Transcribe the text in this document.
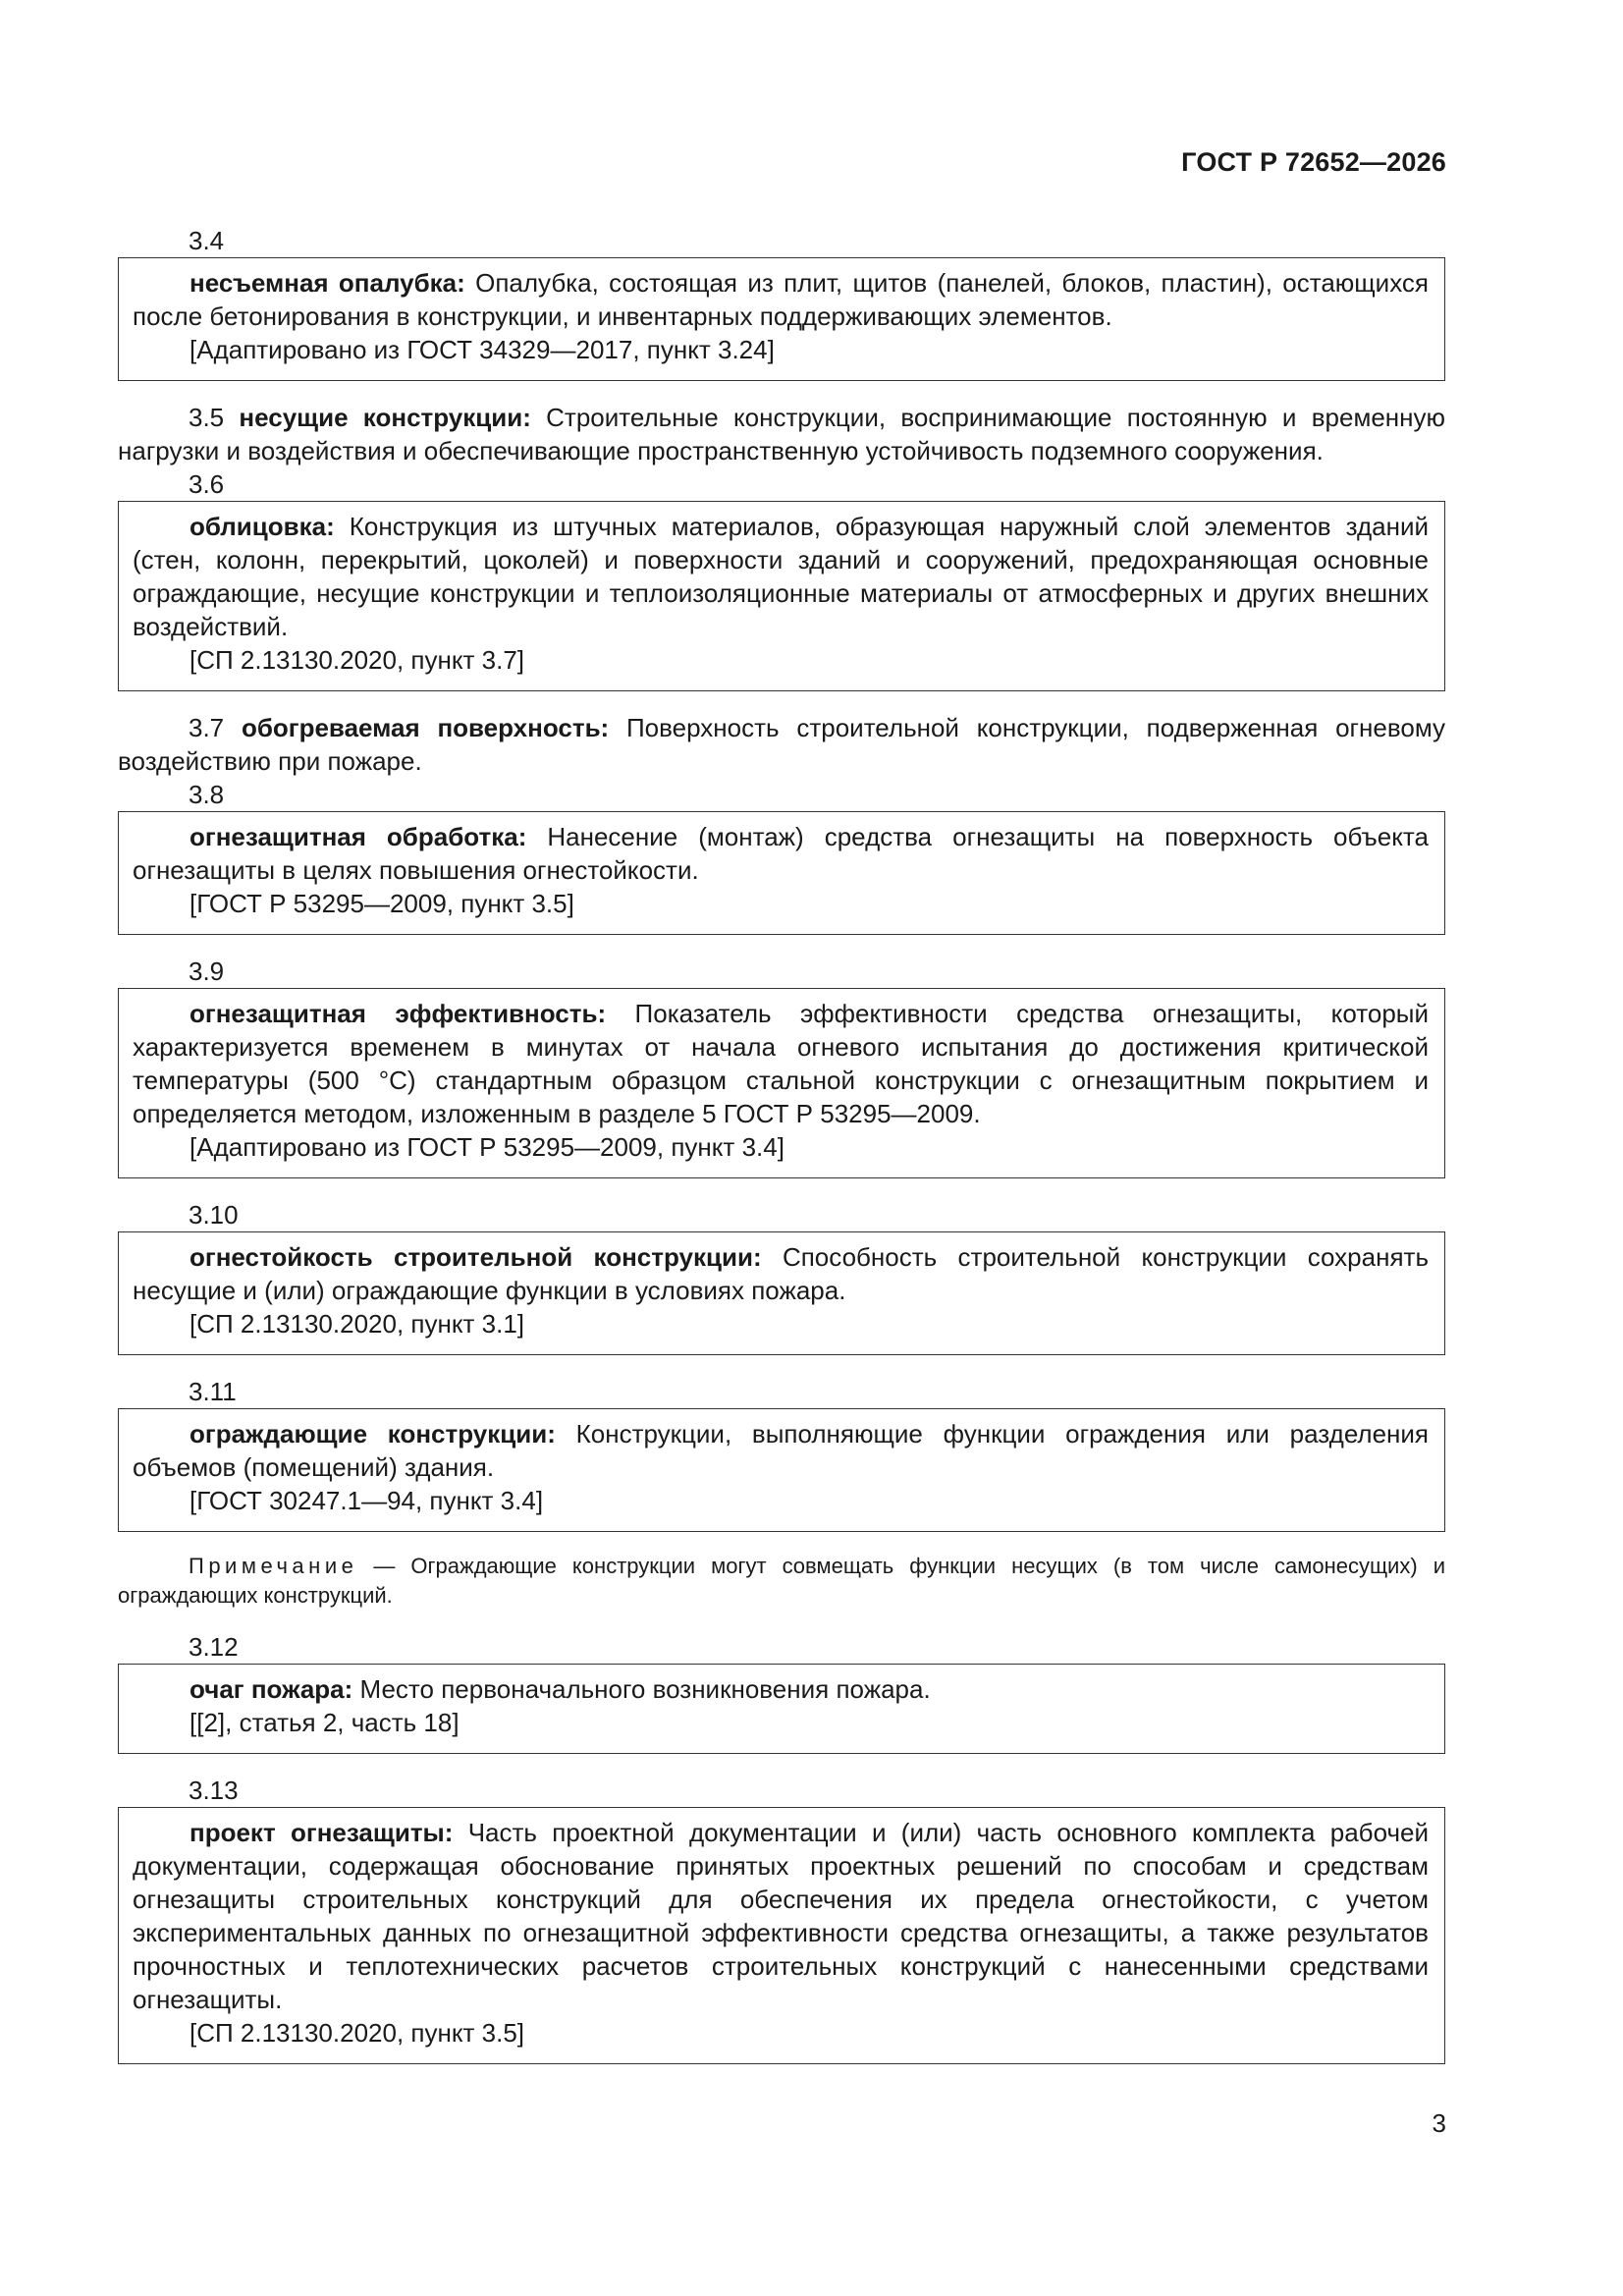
ГОСТ Р 72652—2026

3.4

несъемная опалубка: Опалубка, состоящая из плит, щитов (панелей, блоков, пластин), остающихся после бетонирования в конструкции, и инвентарных поддерживающих элементов.

[Адаптировано из ГОСТ 34329—2017, пункт 3.24]

3.5 несущие конструкции: Строительные конструкции, воспринимающие постоянную и временную нагрузки и воздействия и обеспечивающие пространственную устойчивость подземного сооружения.

3.6

облицовка: Конструкция из штучных материалов, образующая наружный слой элементов зданий (стен, колонн, перекрытий, цоколей) и поверхности зданий и сооружений, предохраняющая основные ограждающие, несущие конструкции и теплоизоляционные материалы от атмосферных и других внешних воздействий.

[СП 2.13130.2020, пункт 3.7]

3.7 обогреваемая поверхность: Поверхность строительной конструкции, подверженная огневому воздействию при пожаре.

3.8

огнезащитная обработка: Нанесение (монтаж) средства огнезащиты на поверхность объекта огнезащиты в целях повышения огнестойкости.

[ГОСТ Р 53295—2009, пункт 3.5]

3.9

огнезащитная эффективность: Показатель эффективности средства огнезащиты, который характеризуется временем в минутах от начала огневого испытания до достижения критической температуры (500 °С) стандартным образцом стальной конструкции с огнезащитным покрытием и определяется методом, изложенным в разделе 5 ГОСТ Р 53295—2009.

[Адаптировано из ГОСТ Р 53295—2009, пункт 3.4]

3.10

огнестойкость строительной конструкции: Способность строительной конструкции сохранять несущие и (или) ограждающие функции в условиях пожара.

[СП 2.13130.2020, пункт 3.1]

3.11

ограждающие конструкции: Конструкции, выполняющие функции ограждения или разделения объемов (помещений) здания.

[ГОСТ 30247.1—94, пункт 3.4]

Примечание — Ограждающие конструкции могут совмещать функции несущих (в том числе самонесущих) и ограждающих конструкций.

3.12

очаг пожара: Место первоначального возникновения пожара.

[[2], статья 2, часть 18]

3.13

проект огнезащиты: Часть проектной документации и (или) часть основного комплекта рабочей документации, содержащая обоснование принятых проектных решений по способам и средствам огнезащиты строительных конструкций для обеспечения их предела огнестойкости, с учетом экспериментальных данных по огнезащитной эффективности средства огнезащиты, а также результатов прочностных и теплотехнических расчетов строительных конструкций с нанесенными средствами огнезащиты.

[СП 2.13130.2020, пункт 3.5]

3
